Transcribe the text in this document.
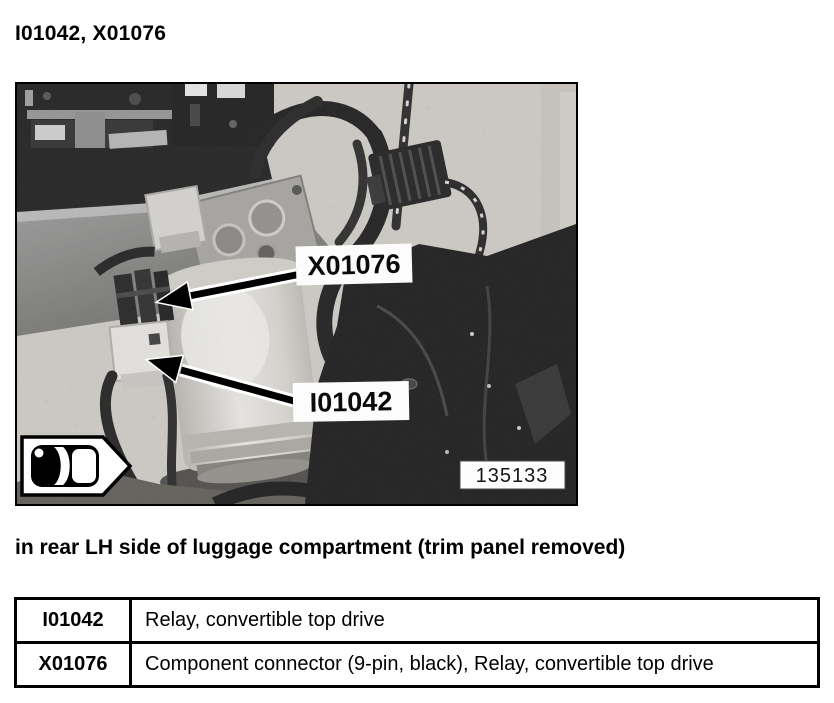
I01042, X01076
X01076
I01042
135133

in rear LH side of luggage compartment (trim panel removed)

I01042	Relay, convertible top drive
X01076	Component connector (9-pin, black), Relay, convertible top drive
